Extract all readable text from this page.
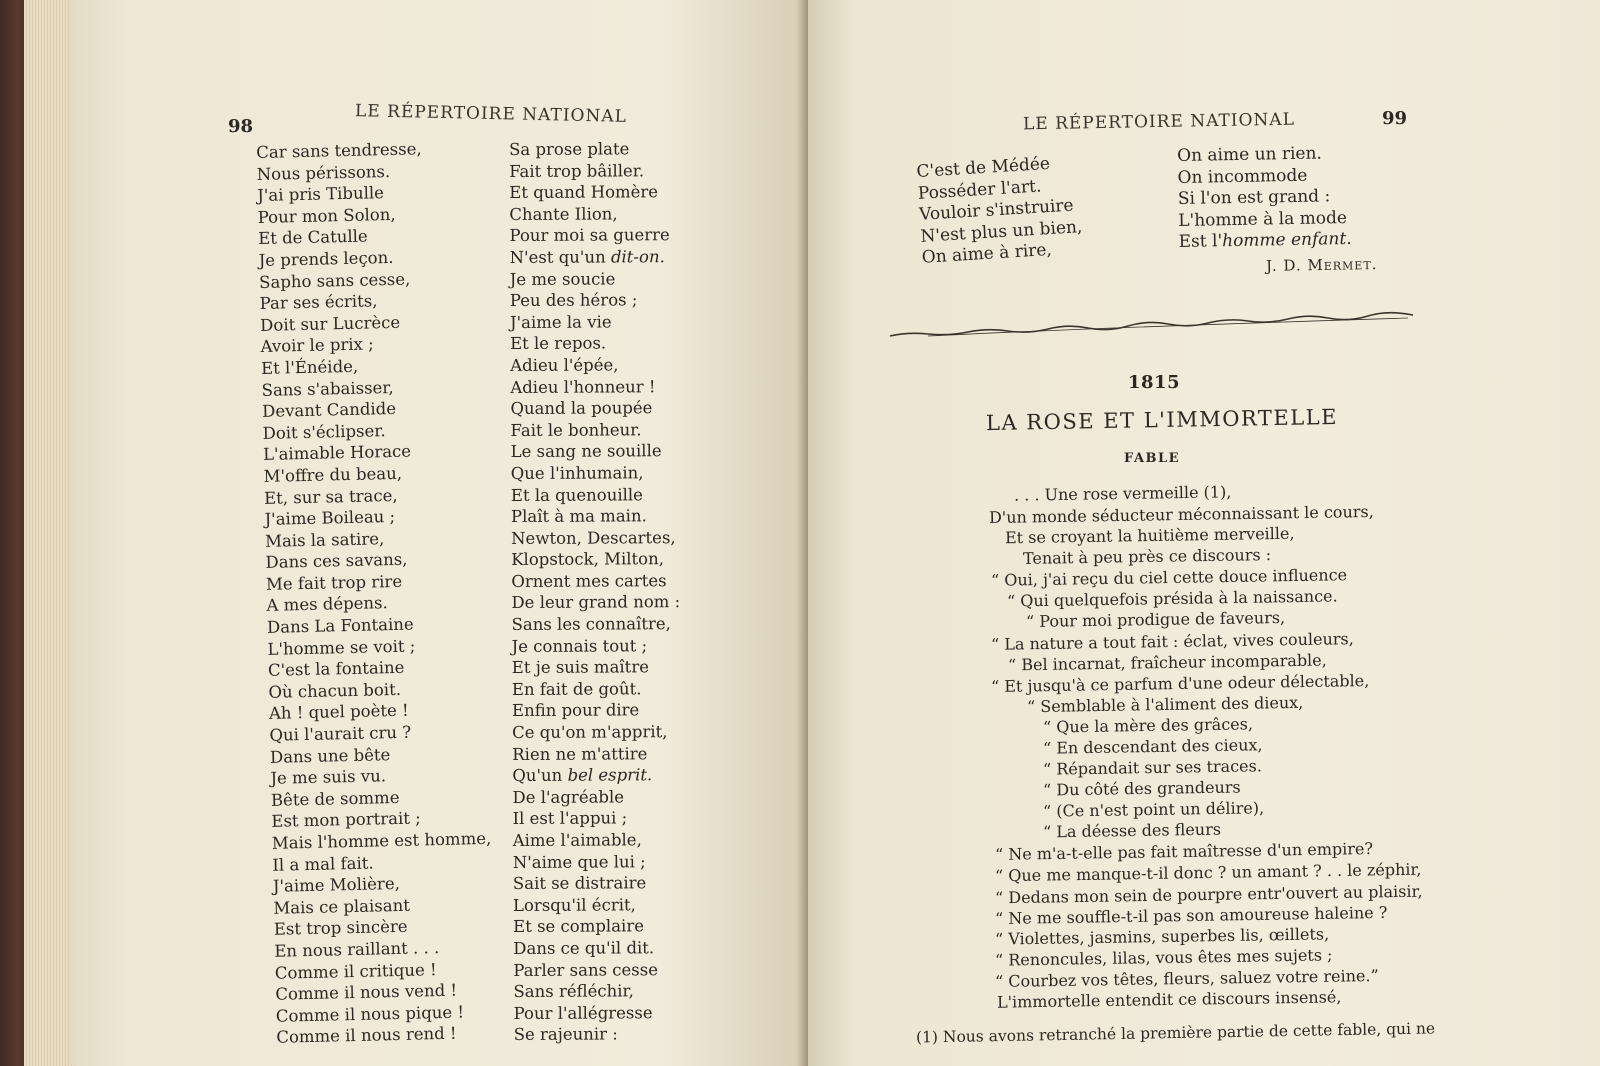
98	LE RÉPERTOIRE NATIONAL
Car sans tendresse,
Nous périssons.
J'ai pris Tibulle
Pour mon Solon,
Et de Catulle
Je prends leçon.
Sapho sans cesse,
Par ses écrits,
Doit sur Lucrèce
Avoir le prix ;
Et l'Énéide,
Sans s'abaisser,
Devant Candide
Doit s'éclipser.
L'aimable Horace
M'offre du beau,
Et, sur sa trace,
J'aime Boileau ;
Mais la satire,
Dans ces savans,
Me fait trop rire
A mes dépens.
Dans La Fontaine
L'homme se voit ;
C'est la fontaine
Où chacun boit.
Ah ! quel poète !
Qui l'aurait cru ?
Dans une bête
Je me suis vu.
Bête de somme
Est mon portrait ;
Mais l'homme est homme,
Il a mal fait.
J'aime Molière,
Mais ce plaisant
Est trop sincère
En nous raillant . . .
Comme il critique !
Comme il nous vend !
Comme il nous pique !
Comme il nous rend !
Sa prose plate
Fait trop bâiller.
Et quand Homère
Chante Ilion,
Pour moi sa guerre
N'est qu'un dit-on.
Je me soucie
Peu des héros ;
J'aime la vie
Et le repos.
Adieu l'épée,
Adieu l'honneur !
Quand la poupée
Fait le bonheur.
Le sang ne souille
Que l'inhumain,
Et la quenouille
Plaît à ma main.
Newton, Descartes,
Klopstock, Milton,
Ornent mes cartes
De leur grand nom :
Sans les connaître,
Je connais tout ;
Et je suis maître
En fait de goût.
Enfin pour dire
Ce qu'on m'apprit,
Rien ne m'attire
Qu'un bel esprit.
De l'agréable
Il est l'appui ;
Aime l'aimable,
N'aime que lui ;
Sait se distraire
Lorsqu'il écrit,
Et se complaire
Dans ce qu'il dit.
Parler sans cesse
Sans réfléchir,
Pour l'allégresse
Se rajeunir :
99
LE RÉPERTOIRE NATIONAL
C'est de Médée
Posséder l'art.
Vouloir s'instruire
N'est plus un bien,
On aime à rire,
On aime un rien.
On incommode
Si l'on est grand :
L'homme à la mode
Est l'homme enfant.
J. D. Mermet.
1815
LA ROSE ET L'IMMORTELLE
FABLE
. . . Une rose vermeille (1),
D'un monde séducteur méconnaissant le cours,
Et se croyant la huitième merveille,
Tenait à peu près ce discours :
“ Oui, j'ai reçu du ciel cette douce influence
“ Qui quelquefois présida à la naissance.
“ Pour moi prodigue de faveurs,
“ La nature a tout fait : éclat, vives couleurs,
“ Bel incarnat, fraîcheur incomparable,
“ Et jusqu'à ce parfum d'une odeur délectable,
“ Semblable à l'aliment des dieux,
“ Que la mère des grâces,
“ En descendant des cieux,
“ Répandait sur ses traces.
“ Du côté des grandeurs
“ (Ce n'est point un délire),
“ La déesse des fleurs
“ Ne m'a-t-elle pas fait maîtresse d'un empire?
“ Que me manque-t-il donc ? un amant ? . . le zéphir,
“ Dedans mon sein de pourpre entr'ouvert au plaisir,
“ Ne me souffle-t-il pas son amoureuse haleine ?
“ Violettes, jasmins, superbes lis, œillets,
“ Renoncules, lilas, vous êtes mes sujets ;
“ Courbez vos têtes, fleurs, saluez votre reine.”
L'immortelle entendit ce discours insensé,
(1) Nous avons retranché la première partie de cette fable, qui ne
